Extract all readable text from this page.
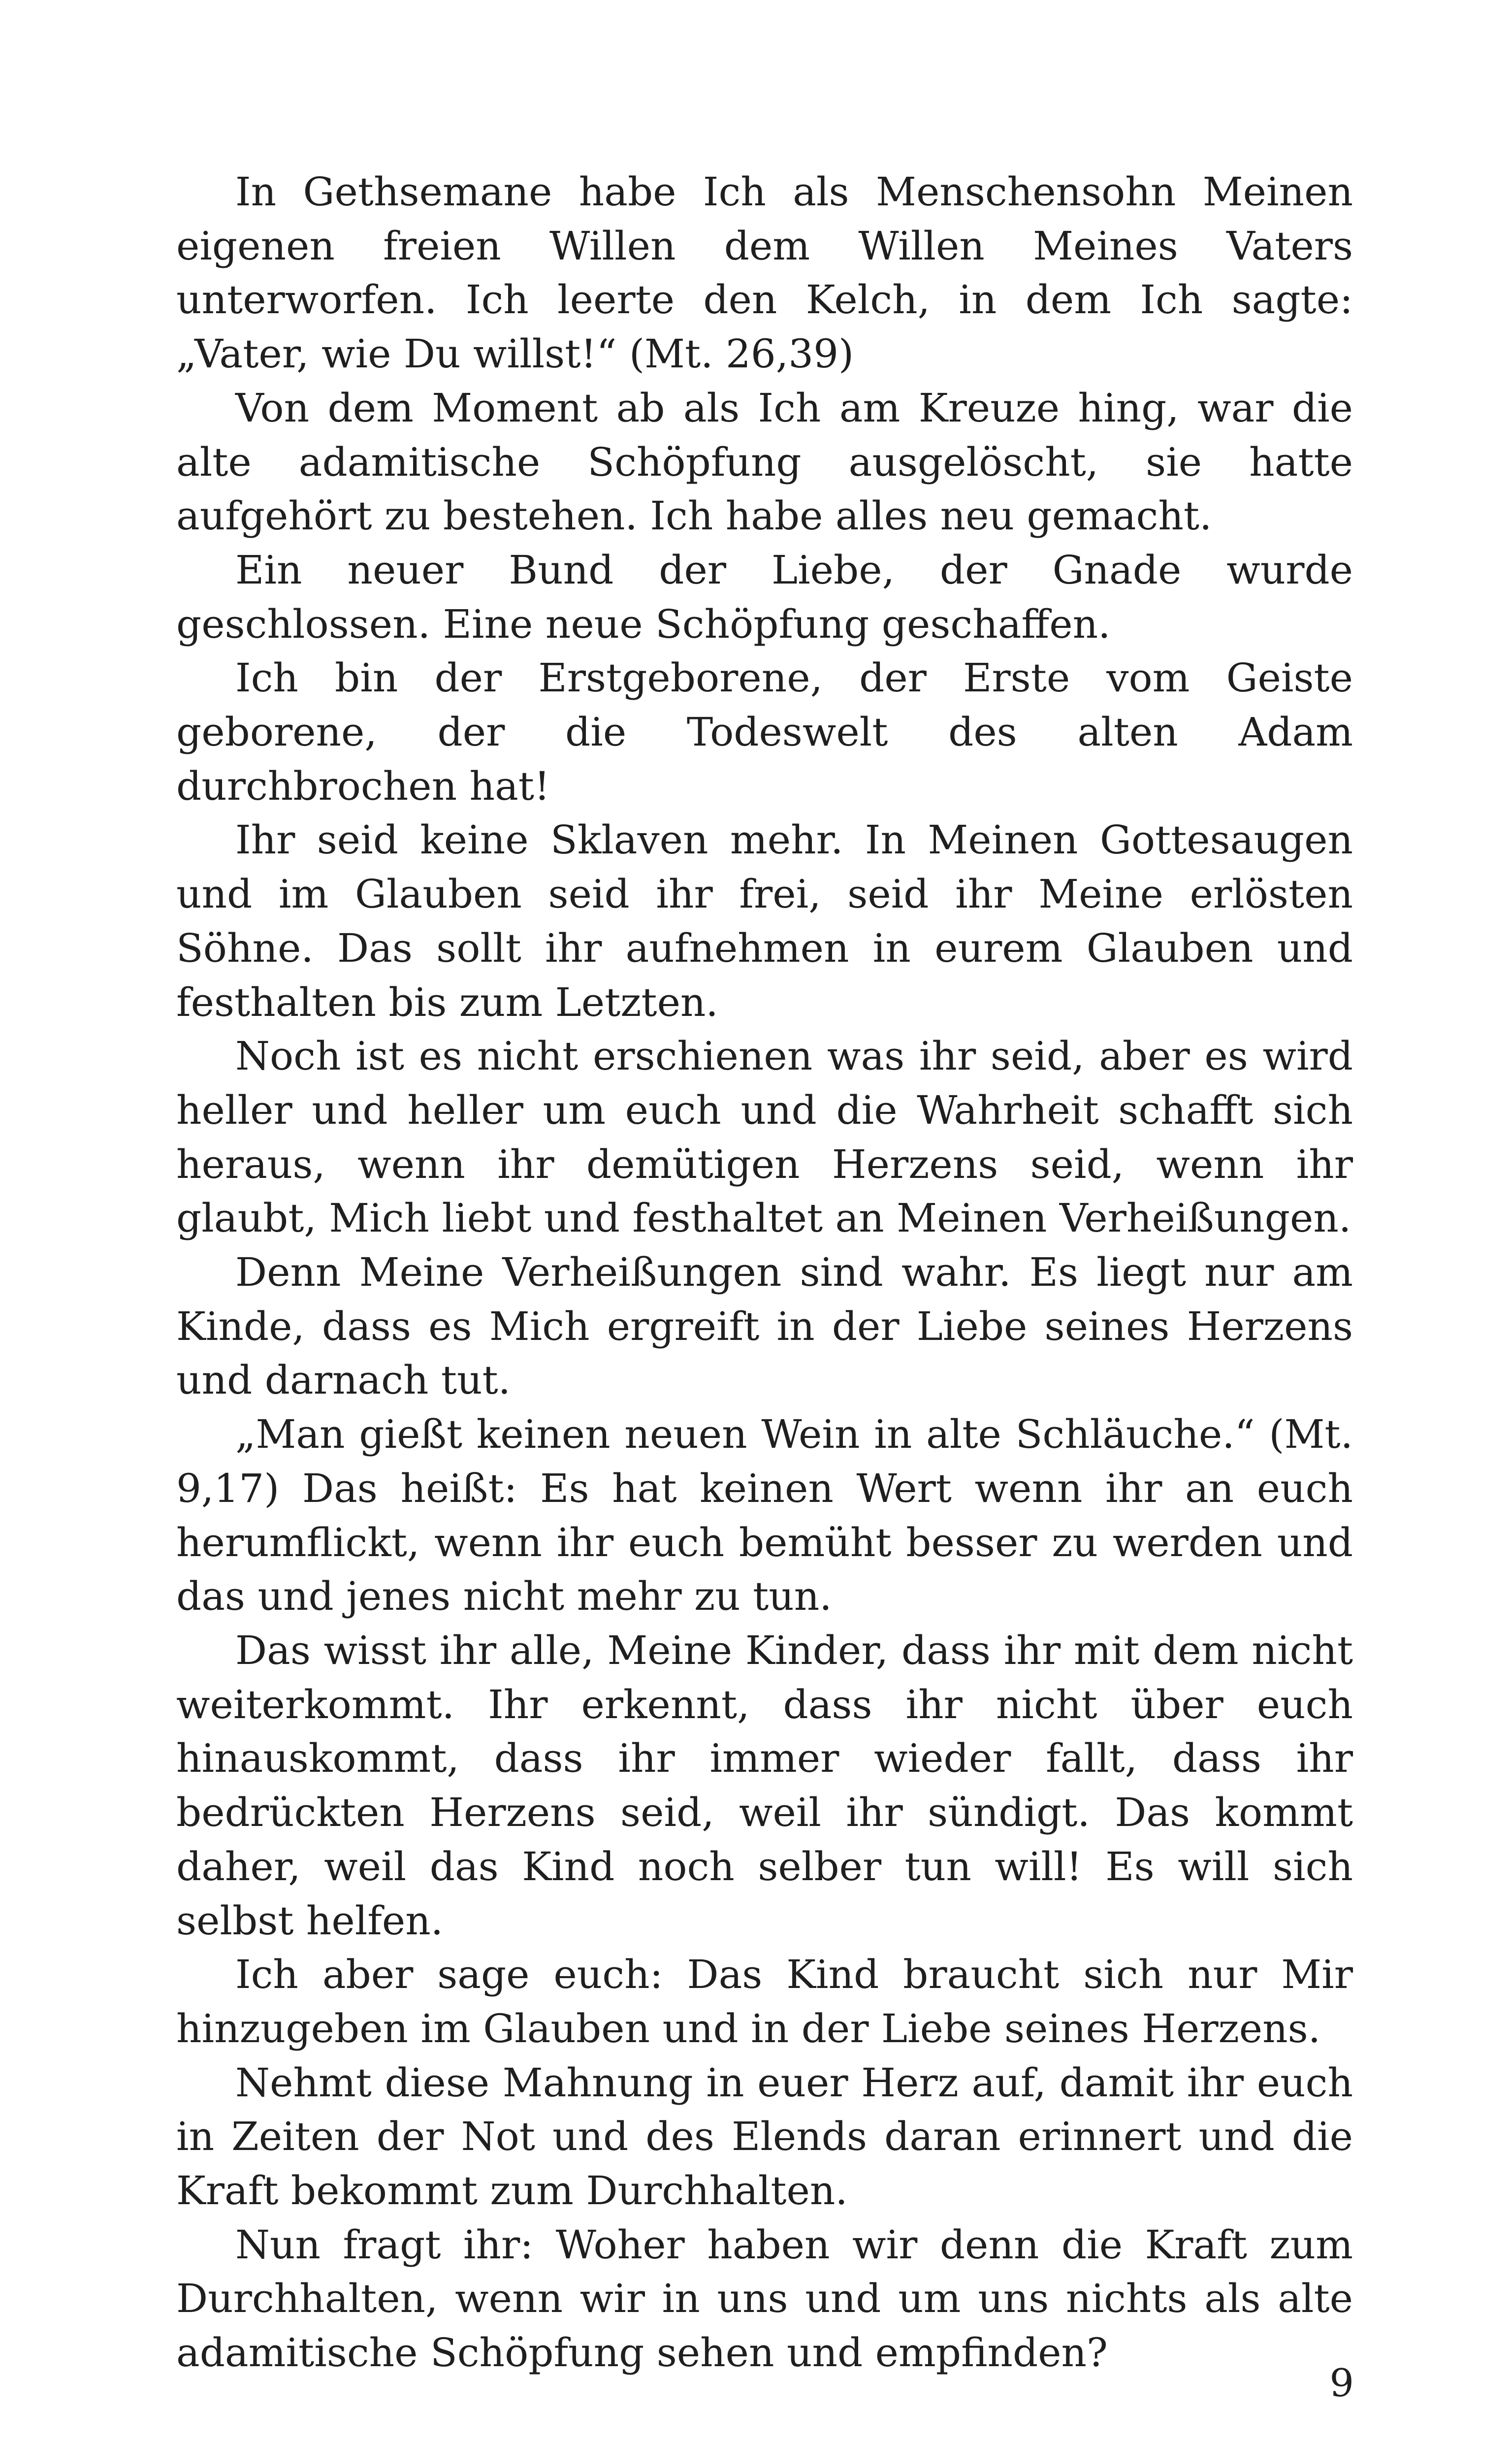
In Gethsemane habe Ich als Menschensohn Meinen eigenen freien Willen dem Willen Meines Vaters unterworfen. Ich leerte den Kelch, in dem Ich sagte: „Vater, wie Du willst!“ (Mt. 26,39)

Von dem Moment ab als Ich am Kreuze hing, war die alte adamitische Schöpfung ausgelöscht, sie hatte aufgehört zu bestehen. Ich habe alles neu gemacht.

Ein neuer Bund der Liebe, der Gnade wurde geschlossen. Eine neue Schöpfung geschaffen.

Ich bin der Erstgeborene, der Erste vom Geiste geborene, der die Todeswelt des alten Adam durchbrochen hat!

Ihr seid keine Sklaven mehr. In Meinen Gottesaugen und im Glauben seid ihr frei, seid ihr Meine erlösten Söhne. Das sollt ihr aufnehmen in eurem Glauben und festhalten bis zum Letzten.

Noch ist es nicht erschienen was ihr seid, aber es wird heller und heller um euch und die Wahrheit schafft sich heraus, wenn ihr demütigen Herzens seid, wenn ihr glaubt, Mich liebt und festhaltet an Meinen Verheißungen.

Denn Meine Verheißungen sind wahr. Es liegt nur am Kinde, dass es Mich ergreift in der Liebe seines Herzens und darnach tut.

„Man gießt keinen neuen Wein in alte Schläuche.“ (Mt. 9,17) Das heißt: Es hat keinen Wert wenn ihr an euch herumflickt, wenn ihr euch bemüht besser zu werden und das und jenes nicht mehr zu tun.

Das wisst ihr alle, Meine Kinder, dass ihr mit dem nicht weiterkommt. Ihr erkennt, dass ihr nicht über euch hinauskommt, dass ihr immer wieder fallt, dass ihr bedrückten Herzens seid, weil ihr sündigt. Das kommt daher, weil das Kind noch selber tun will! Es will sich selbst helfen.

Ich aber sage euch: Das Kind braucht sich nur Mir hinzugeben im Glauben und in der Liebe seines Herzens.

Nehmt diese Mahnung in euer Herz auf, damit ihr euch in Zeiten der Not und des Elends daran erinnert und die Kraft bekommt zum Durchhalten.

Nun fragt ihr: Woher haben wir denn die Kraft zum Durchhalten, wenn wir in uns und um uns nichts als alte adamitische Schöpfung sehen und empfinden?

9
